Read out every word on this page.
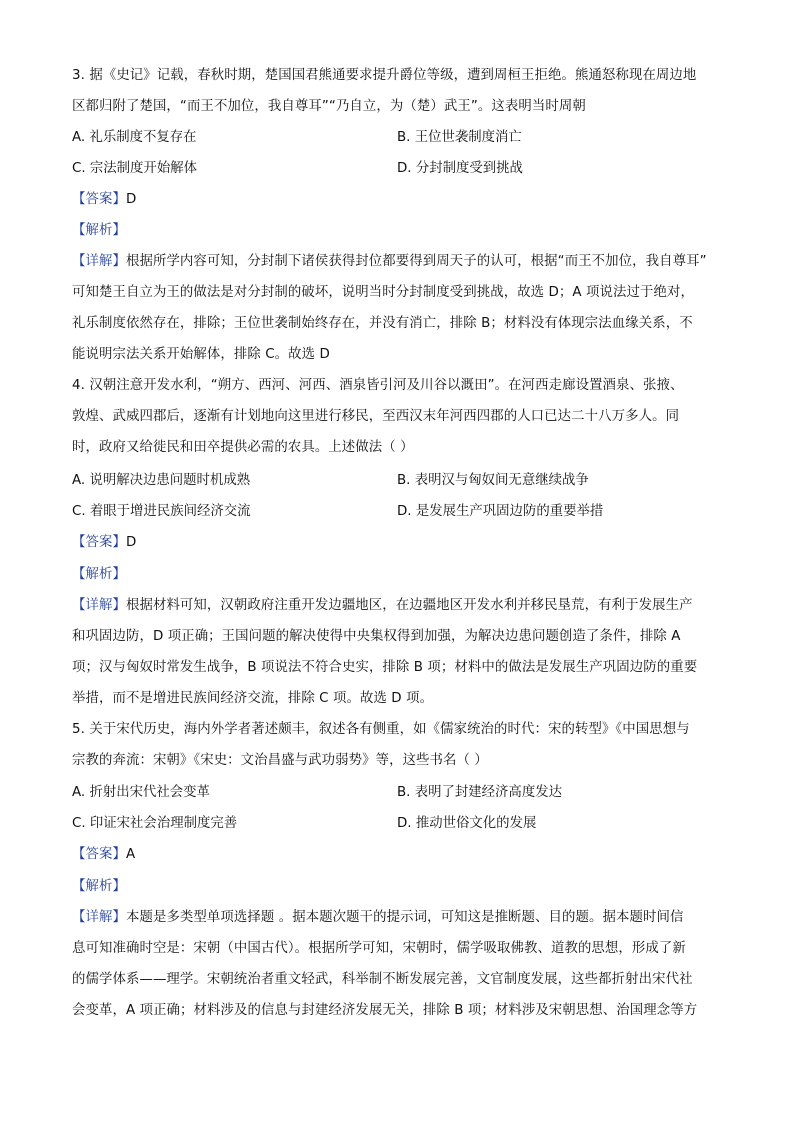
3. 据《史记》记载，春秋时期，楚国国君熊通要求提升爵位等级，遭到周桓王拒绝。熊通怒称现在周边地
区都归附了楚国，“而王不加位，我自尊耳”“乃自立，为（楚）武王”。这表明当时周朝
A. 礼乐制度不复存在	B. 王位世袭制度消亡
C. 宗法制度开始解体	D. 分封制度受到挑战
【答案】D
【解析】
【详解】根据所学内容可知，分封制下诸侯获得封位都要得到周天子的认可，根据“而王不加位，我自尊耳”
可知楚王自立为王的做法是对分封制的破坏，说明当时分封制度受到挑战，故选 D；A 项说法过于绝对，
礼乐制度依然存在，排除；王位世袭制始终存在，并没有消亡，排除 B；材料没有体现宗法血缘关系，不
能说明宗法关系开始解体，排除 C。故选 D
4. 汉朝注意开发水利，“朔方、西河、河西、酒泉皆引河及川谷以溉田”。在河西走廊设置酒泉、张掖、
敦煌、武威四郡后，逐渐有计划地向这里进行移民，至西汉末年河西四郡的人口已达二十八万多人。同
时，政府又给徙民和田卒提供必需的农具。上述做法（ ）
A. 说明解决边患问题时机成熟	B. 表明汉与匈奴间无意继续战争
C. 着眼于增进民族间经济交流	D. 是发展生产巩固边防的重要举措
【答案】D
【解析】
【详解】根据材料可知，汉朝政府注重开发边疆地区，在边疆地区开发水利并移民垦荒，有利于发展生产
和巩固边防，D 项正确；王国问题的解决使得中央集权得到加强，为解决边患问题创造了条件，排除 A
项；汉与匈奴时常发生战争，B 项说法不符合史实，排除 B 项；材料中的做法是发展生产巩固边防的重要
举措，而不是增进民族间经济交流，排除 C 项。故选 D 项。
5. 关于宋代历史，海内外学者著述颇丰，叙述各有侧重，如《儒家统治的时代：宋的转型》《中国思想与
宗教的奔流：宋朝》《宋史：文治昌盛与武功弱势》等，这些书名（ ）
A. 折射出宋代社会变革	B. 表明了封建经济高度发达
C. 印证宋社会治理制度完善	D. 推动世俗文化的发展
【答案】A
【解析】
【详解】本题是多类型单项选择题 。据本题次题干的提示词，可知这是推断题、目的题。据本题时间信
息可知准确时空是：宋朝（中国古代）。根据所学可知，宋朝时，儒学吸取佛教、道教的思想，形成了新
的儒学体系——理学。宋朝统治者重文轻武，科举制不断发展完善，文官制度发展，这些都折射出宋代社
会变革，A 项正确；材料涉及的信息与封建经济发展无关，排除 B 项；材料涉及宋朝思想、治国理念等方
